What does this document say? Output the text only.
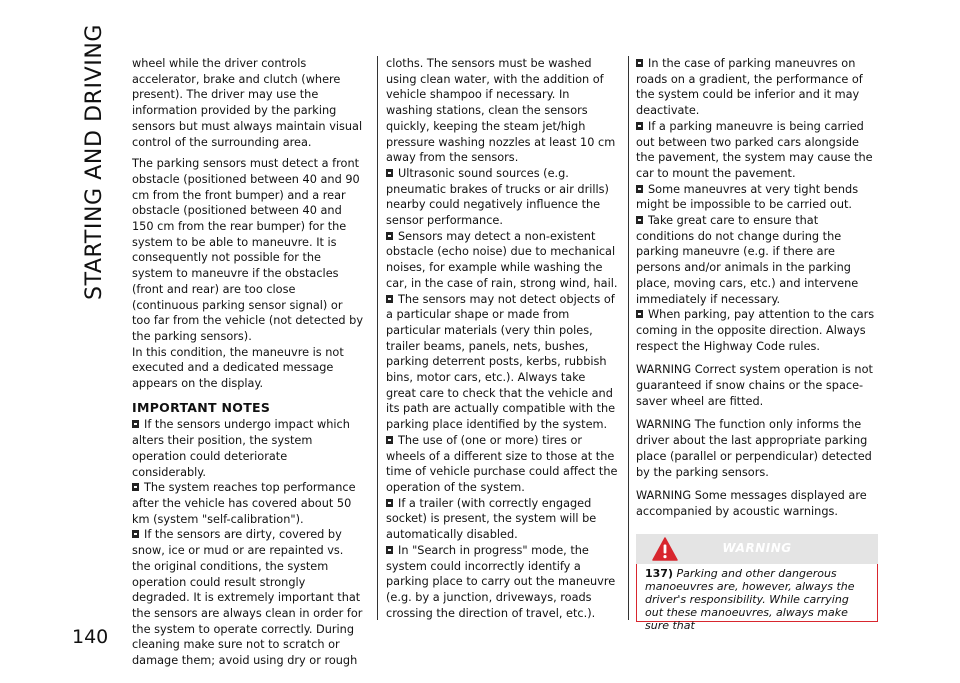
STARTING AND DRIVING
140

wheel while the driver controls accelerator, brake and clutch (where present). The driver may use the information provided by the parking sensors but must always maintain visual control of the surrounding area.

The parking sensors must detect a front obstacle (positioned between 40 and 90 cm from the front bumper) and a rear obstacle (positioned between 40 and 150 cm from the rear bumper) for the system to be able to maneuvre. It is consequently not possible for the system to maneuvre if the obstacles (front and rear) are too close (continuous parking sensor signal) or too far from the vehicle (not detected by the parking sensors).

In this condition, the maneuvre is not executed and a dedicated message appears on the display.

IMPORTANT NOTES
If the sensors undergo impact which alters their position, the system operation could deteriorate considerably.
The system reaches top performance after the vehicle has covered about 50 km (system "self-calibration").
If the sensors are dirty, covered by snow, ice or mud or are repainted vs. the original conditions, the system operation could result strongly degraded. It is extremely important that the sensors are always clean in order for the system to operate correctly. During cleaning make sure not to scratch or damage them; avoid using dry or rough

cloths. The sensors must be washed using clean water, with the addition of vehicle shampoo if necessary. In washing stations, clean the sensors quickly, keeping the steam jet/high pressure washing nozzles at least 10 cm away from the sensors.

Ultrasonic sound sources (e.g. pneumatic brakes of trucks or air drills) nearby could negatively influence the sensor performance.
Sensors may detect a non-existent obstacle (echo noise) due to mechanical noises, for example while washing the car, in the case of rain, strong wind, hail.
The sensors may not detect objects of a particular shape or made from particular materials (very thin poles, trailer beams, panels, nets, bushes, parking deterrent posts, kerbs, rubbish bins, motor cars, etc.). Always take great care to check that the vehicle and its path are actually compatible with the parking place identified by the system.
The use of (one or more) tires or wheels of a different size to those at the time of vehicle purchase could affect the operation of the system.
If a trailer (with correctly engaged socket) is present, the system will be automatically disabled.
In "Search in progress" mode, the system could incorrectly identify a parking place to carry out the maneuvre (e.g. by a junction, driveways, roads crossing the direction of travel, etc.).
In the case of parking maneuvres on roads on a gradient, the performance of the system could be inferior and it may deactivate.
If a parking maneuvre is being carried out between two parked cars alongside the pavement, the system may cause the car to mount the pavement.
Some maneuvres at very tight bends might be impossible to be carried out.
Take great care to ensure that conditions do not change during the parking maneuvre (e.g. if there are persons and/or animals in the parking place, moving cars, etc.) and intervene immediately if necessary.
When parking, pay attention to the cars coming in the opposite direction. Always respect the Highway Code rules.

WARNING Correct system operation is not guaranteed if snow chains or the space-saver wheel are fitted.

WARNING The function only informs the driver about the last appropriate parking place (parallel or perpendicular) detected by the parking sensors.

WARNING Some messages displayed are accompanied by acoustic warnings.

WARNING
137) Parking and other dangerous manoeuvres are, however, always the driver's responsibility. While carrying out these manoeuvres, always make sure that
